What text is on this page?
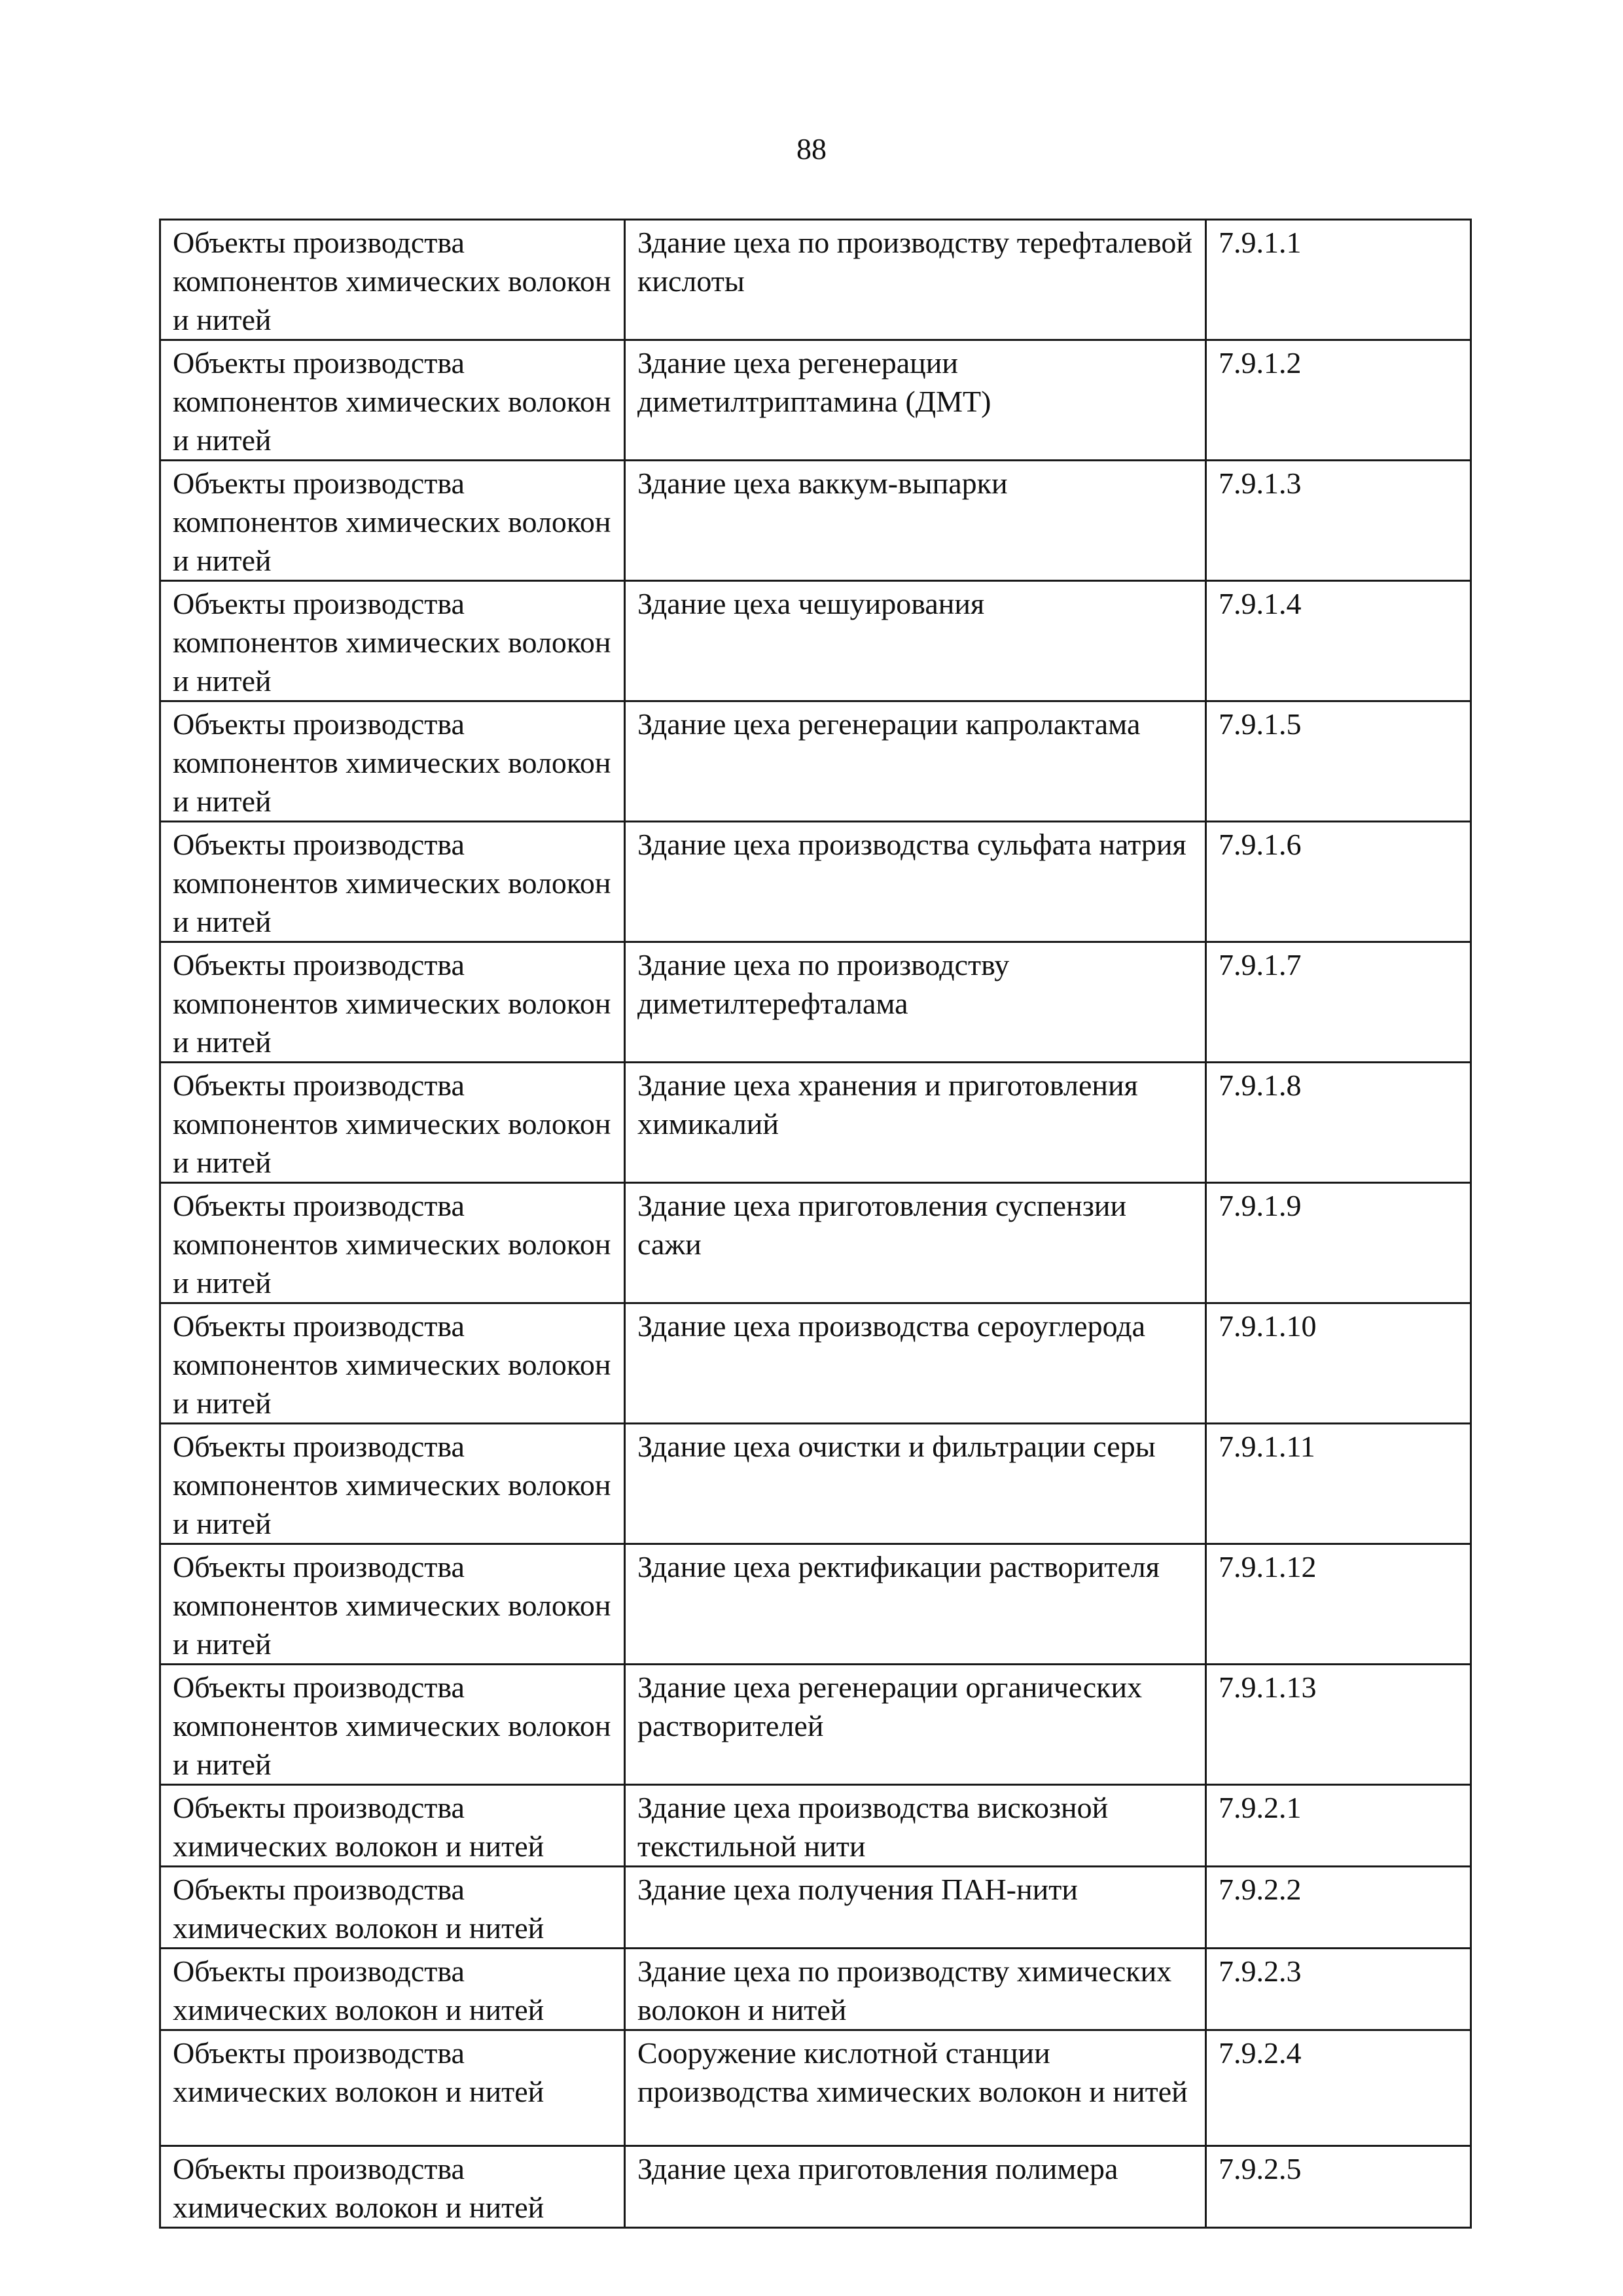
88
Объекты производства компонентов химических волокон и нитей	Здание цеха по производству терефталевой кислоты	7.9.1.1
Объекты производства компонентов химических волокон и нитей	Здание цеха регенерации диметилтриптамина (ДМТ)	7.9.1.2
Объекты производства компонентов химических волокон и нитей	Здание цеха ваккум-выпарки	7.9.1.3
Объекты производства компонентов химических волокон и нитей	Здание цеха чешуирования	7.9.1.4
Объекты производства компонентов химических волокон и нитей	Здание цеха регенерации капролактама	7.9.1.5
Объекты производства компонентов химических волокон и нитей	Здание цеха производства сульфата натрия	7.9.1.6
Объекты производства компонентов химических волокон и нитей	Здание цеха по производству диметилтерефталама	7.9.1.7
Объекты производства компонентов химических волокон и нитей	Здание цеха хранения и приготовления химикалий	7.9.1.8
Объекты производства компонентов химических волокон и нитей	Здание цеха приготовления суспензии сажи	7.9.1.9
Объекты производства компонентов химических волокон и нитей	Здание цеха производства сероуглерода	7.9.1.10
Объекты производства компонентов химических волокон и нитей	Здание цеха очистки и фильтрации серы	7.9.1.11
Объекты производства компонентов химических волокон и нитей	Здание цеха ректификации растворителя	7.9.1.12
Объекты производства компонентов химических волокон и нитей	Здание цеха регенерации органических растворителей	7.9.1.13
Объекты производства химических волокон и нитей	Здание цеха производства вискозной текстильной нити	7.9.2.1
Объекты производства химических волокон и нитей	Здание цеха получения ПАН-нити	7.9.2.2
Объекты производства химических волокон и нитей	Здание цеха по производству химических волокон и нитей	7.9.2.3
Объекты производства химических волокон и нитей	Сооружение кислотной станции производства химических волокон и нитей	7.9.2.4
Объекты производства химических волокон и нитей	Здание цеха приготовления полимера	7.9.2.5
